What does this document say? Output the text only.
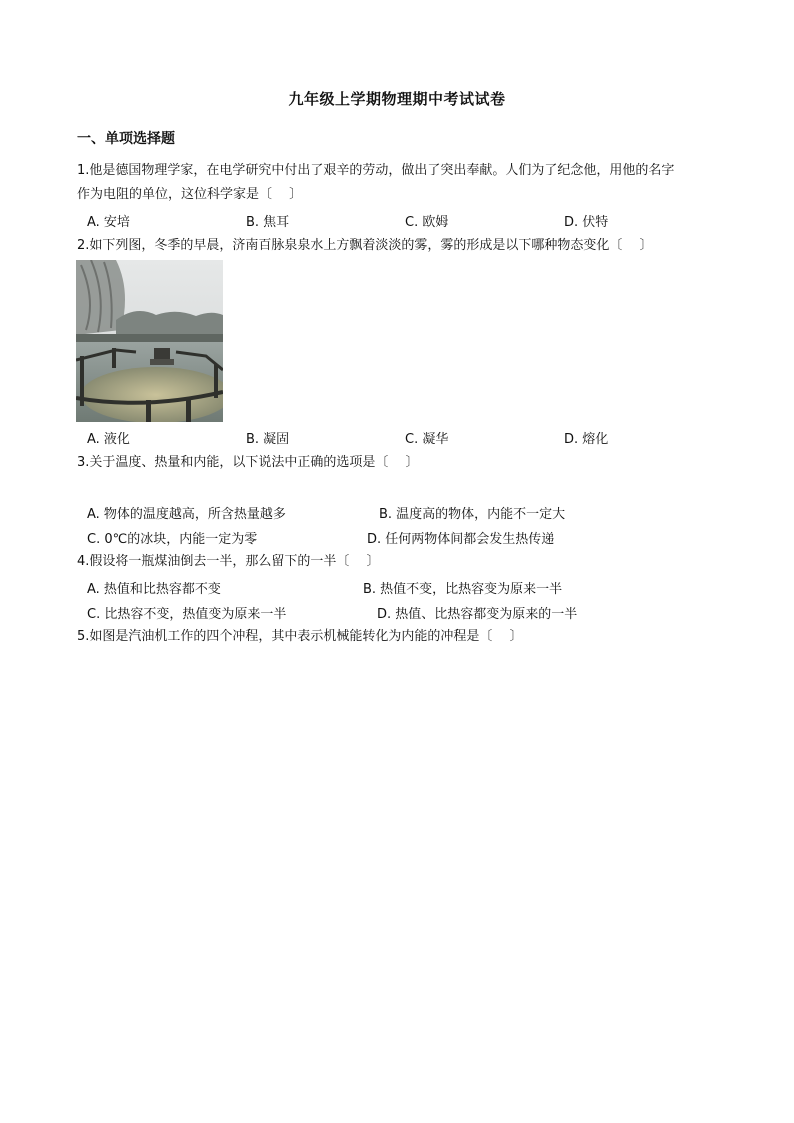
九年级上学期物理期中考试试卷
一、单项选择题
1.他是德国物理学家，在电学研究中付出了艰辛的劳动，做出了突出奉献。人们为了纪念他，用他的名字
作为电阻的单位，这位科学家是〔　 〕
A. 安培	B. 焦耳	C. 欧姆	D. 伏特
2.如下列图，冬季的早晨，济南百脉泉泉水上方飘着淡淡的雾，雾的形成是以下哪种物态变化〔　 〕
A. 液化	B. 凝固	C. 凝华	D. 熔化
3.关于温度、热量和内能，以下说法中正确的选项是〔　 〕
A. 物体的温度越高，所含热量越多	B. 温度高的物体，内能不一定大
C. 0℃的冰块，内能一定为零	D. 任何两物体间都会发生热传递
4.假设将一瓶煤油倒去一半，那么留下的一半〔　 〕
A. 热值和比热容都不变	B. 热值不变，比热容变为原来一半
C. 比热容不变，热值变为原来一半	D. 热值、比热容都变为原来的一半
5.如图是汽油机工作的四个冲程，其中表示机械能转化为内能的冲程是〔　 〕
